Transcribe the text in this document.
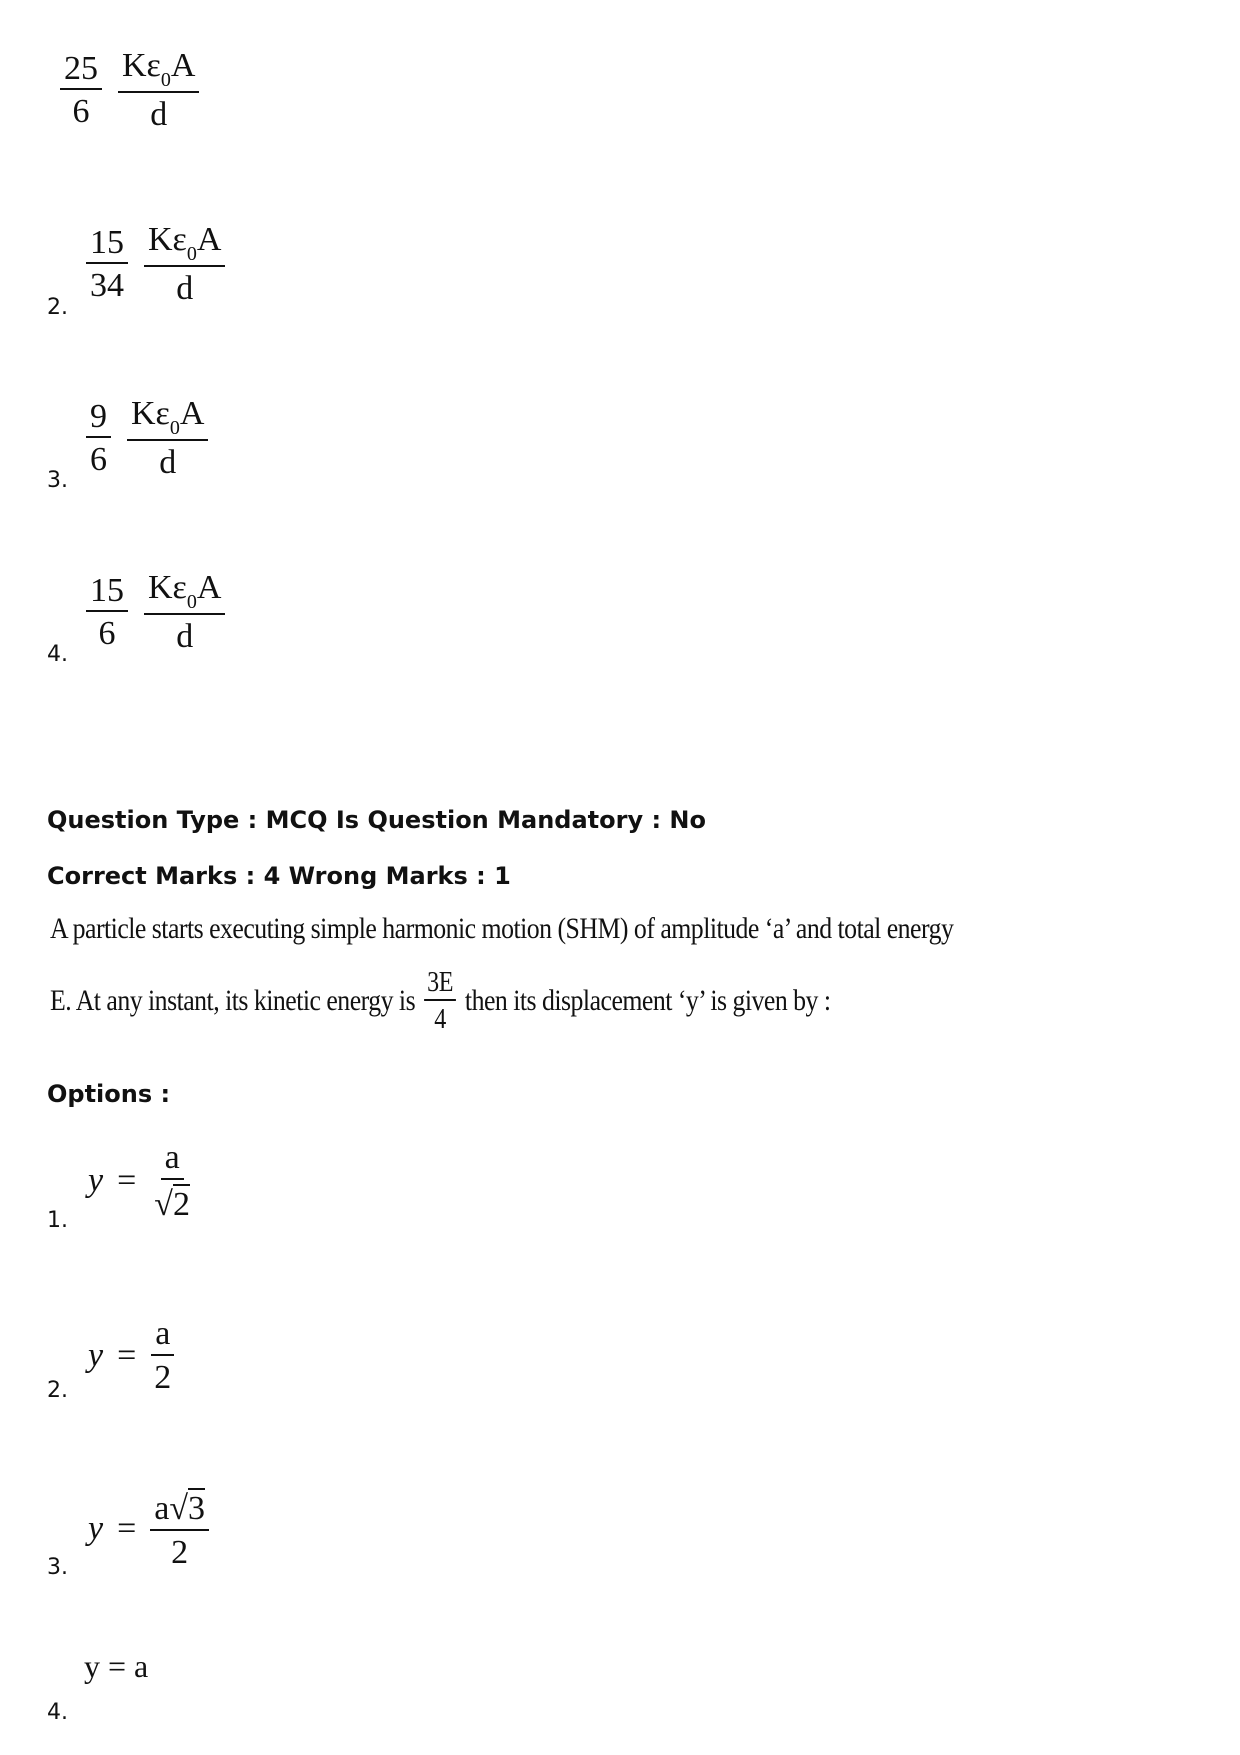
$\frac{25}{6} \frac{K\varepsilon_0A}{d}$
2.
$\frac{15}{34} \frac{K\varepsilon_0A}{d}$
3.
$\frac{9}{6} \frac{K\varepsilon_0A}{d}$
4.
$\frac{15}{6} \frac{K\varepsilon_0A}{d}$
Question Type : MCQ Is Question Mandatory : No
Correct Marks : 4 Wrong Marks : 1
A particle starts executing simple harmonic motion (SHM) of amplitude ‘a’ and total energy
E. At any instant, its kinetic energy is $\frac{3E}{4}$ then its displacement ‘y’ is given by :
Options :
1.
$y = \frac{a}{√ 2}$
2.
$y = \frac{a}{2}$
3.
$y = \frac{a √ 3}{2}$
4.
y = a
